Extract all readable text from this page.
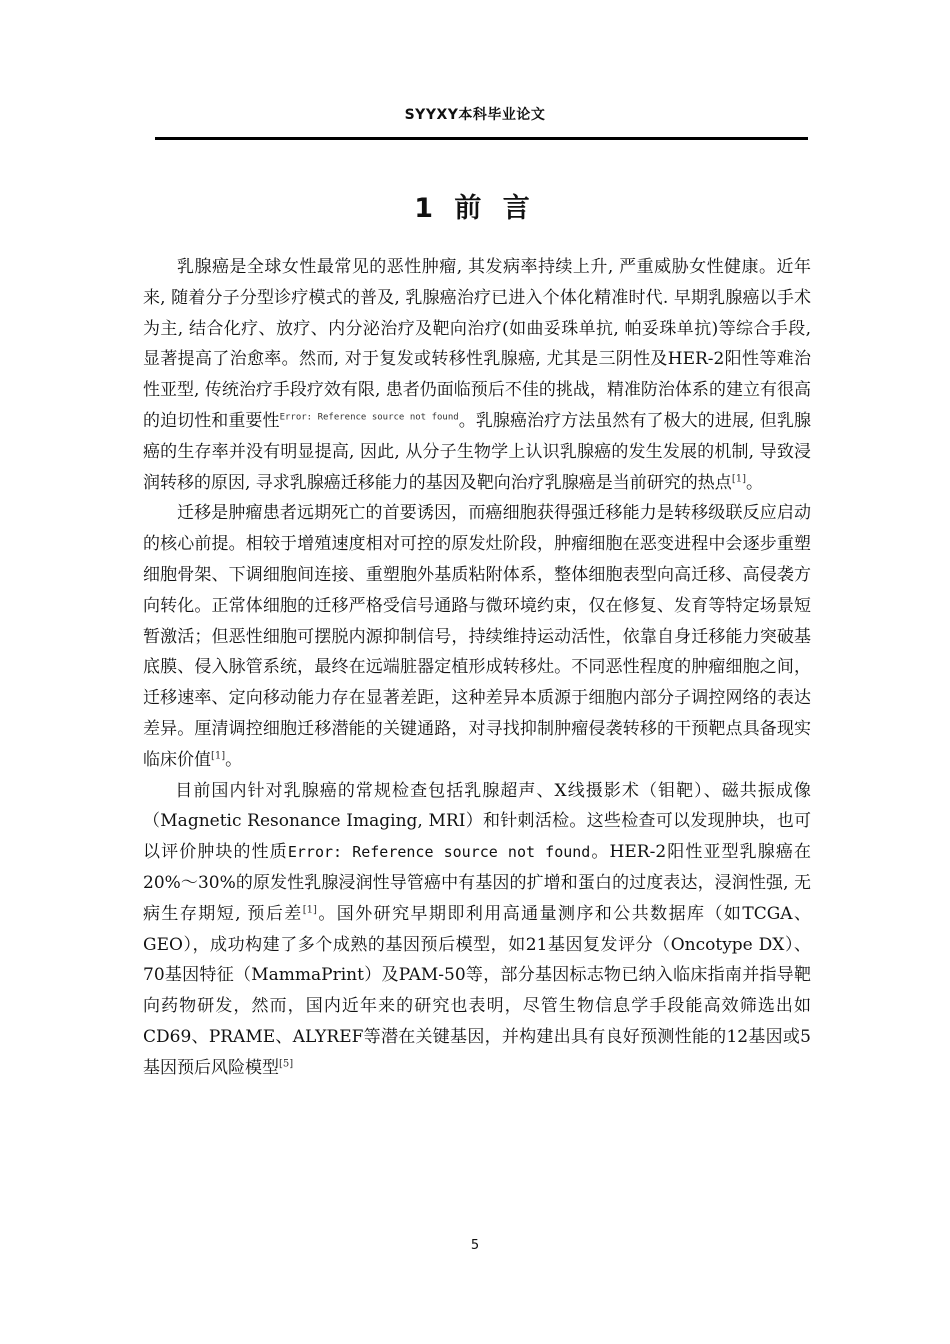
SYYXY本科毕业论文
1 前 言

乳腺癌是全球女性最常见的恶性肿瘤, 其发病率持续上升, 严重威胁女性健康。近年来, 随着分子分型诊疗模式的普及, 乳腺癌治疗已进入个体化精准时代. 早期乳腺癌以手术为主, 结合化疗、放疗、内分泌治疗及靶向治疗(如曲妥珠单抗, 帕妥珠单抗)等综合手段, 显著提高了治愈率。然而, 对于复发或转移性乳腺癌, 尤其是三阴性及HER-2阳性等难治性亚型, 传统治疗手段疗效有限, 患者仍面临预后不佳的挑战，精准防治体系的建立有很高的迫切性和重要性$^{Error: Reference source not found}$。乳腺癌治疗方法虽然有了极大的进展, 但乳腺癌的生存率并没有明显提高, 因此, 从分子生物学上认识乳腺癌的发生发展的机制, 导致浸润转移的原因, 寻求乳腺癌迁移能力的基因及靶向治疗乳腺癌是当前研究的热点[1]。

迁移是肿瘤患者远期死亡的首要诱因，而癌细胞获得强迁移能力是转移级联反应启动的核心前提。相较于增殖速度相对可控的原发灶阶段，肿瘤细胞在恶变进程中会逐步重塑细胞骨架、下调细胞间连接、重塑胞外基质粘附体系，整体细胞表型向高迁移、高侵袭方向转化。正常体细胞的迁移严格受信号通路与微环境约束，仅在修复、发育等特定场景短暂激活；但恶性细胞可摆脱内源抑制信号，持续维持运动活性，依靠自身迁移能力突破基底膜、侵入脉管系统，最终在远端脏器定植形成转移灶。不同恶性程度的肿瘤细胞之间，迁移速率、定向移动能力存在显著差距，这种差异本质源于细胞内部分子调控网络的表达差异。厘清调控细胞迁移潜能的关键通路，对寻找抑制肿瘤侵袭转移的干预靶点具备现实临床价值[1]。

目前国内针对乳腺癌的常规检查包括乳腺超声、X线摄影术（钼靶）、磁共振成像（Magnetic Resonance Imaging, MRI）和针刺活检。这些检查可以发现肿块，也可以评价肿块的性质Error: Reference source not found。HER-2阳性亚型乳腺癌在20%～30%的原发性乳腺浸润性导管癌中有基因的扩增和蛋白的过度表达，浸润性强, 无病生存期短, 预后差[1]。国外研究早期即利用高通量测序和公共数据库（如TCGA、GEO），成功构建了多个成熟的基因预后模型，如21基因复发评分（Oncotype DX）、70基因特征（MammaPrint）及PAM-50等，部分基因标志物已纳入临床指南并指导靶向药物研发，然而，国内近年来的研究也表明，尽管生物信息学手段能高效筛选出如CD69、PRAME、ALYREF等潜在关键基因，并构建出具有良好预测性能的12基因或5基因预后风险模型[5]

5
